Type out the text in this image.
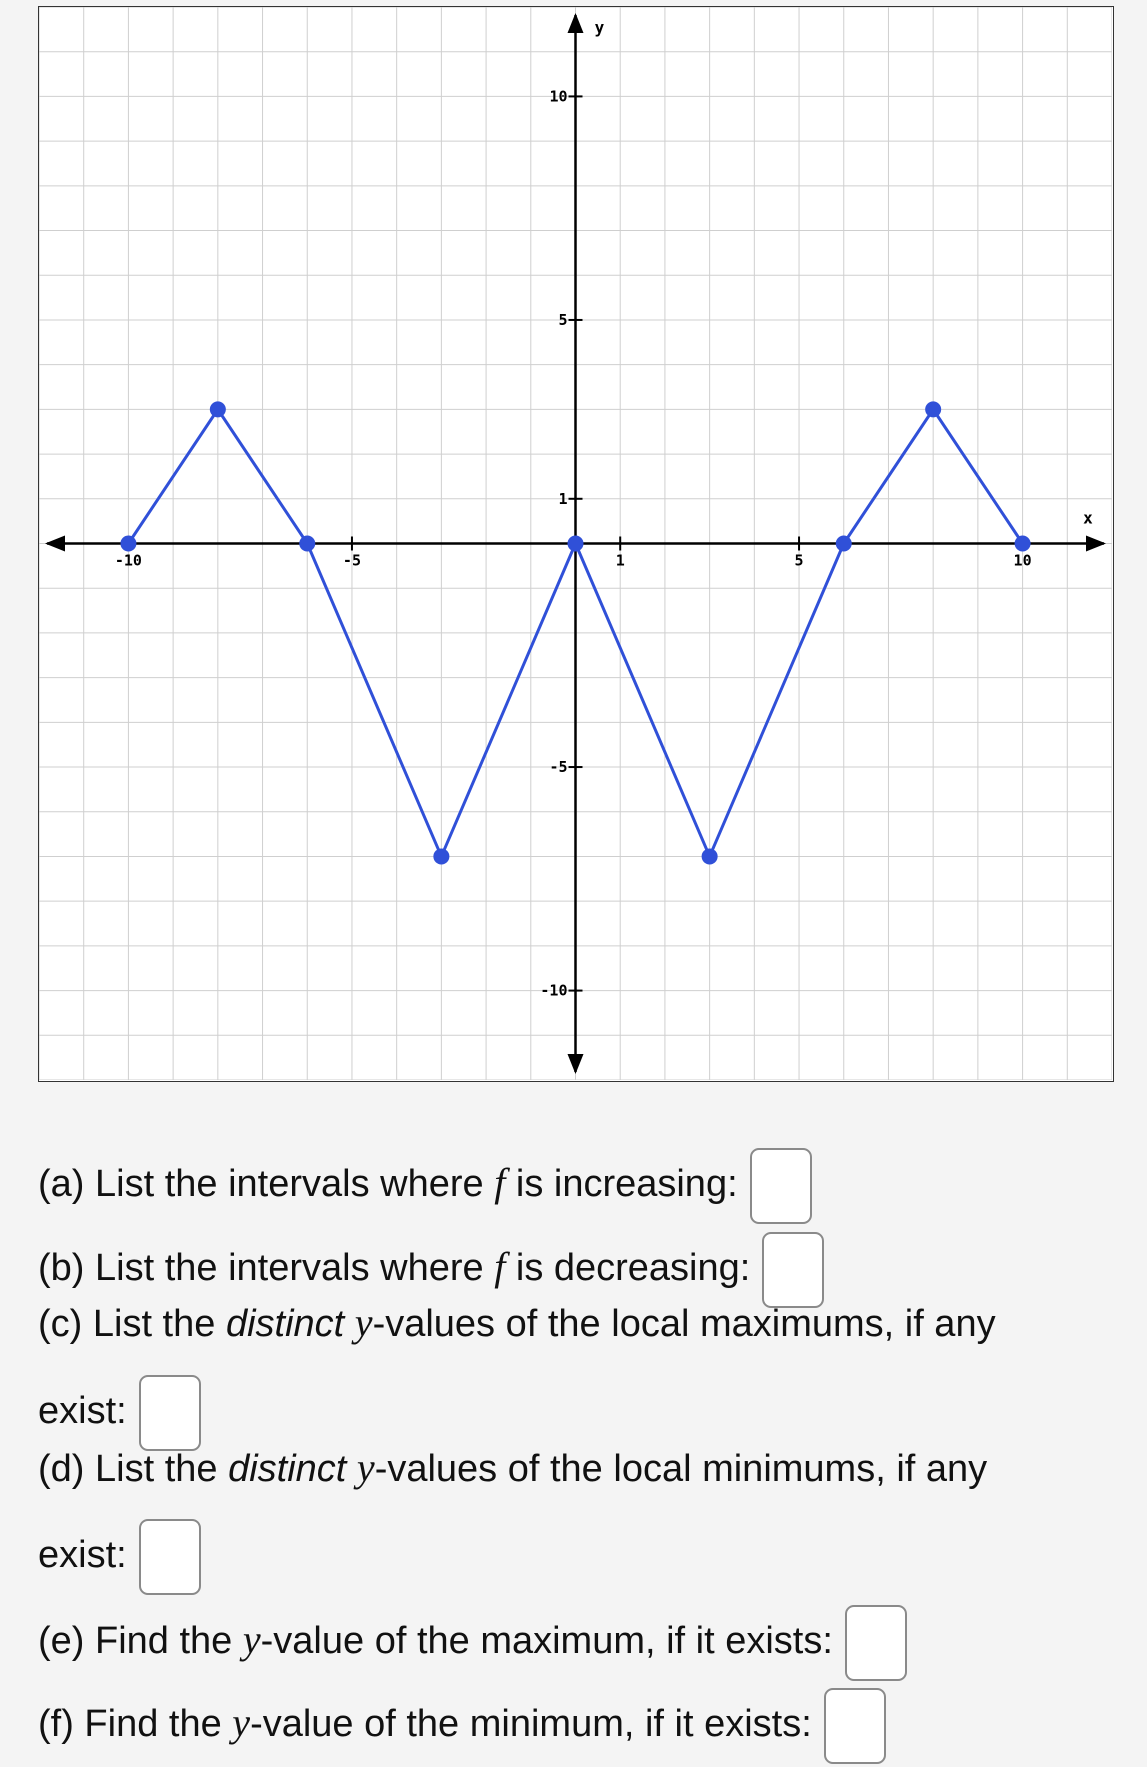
x
y
-10	-5	1	5	10
10
5
1
-5
-10
(a) List the intervals where f is increasing:
(b) List the intervals where f is decreasing:
(c) List the distinct y-values of the local maximums, if any
exist:
(d) List the distinct y-values of the local minimums, if any
exist:
(e) Find the y-value of the maximum, if it exists:
(f) Find the y-value of the minimum, if it exists:
